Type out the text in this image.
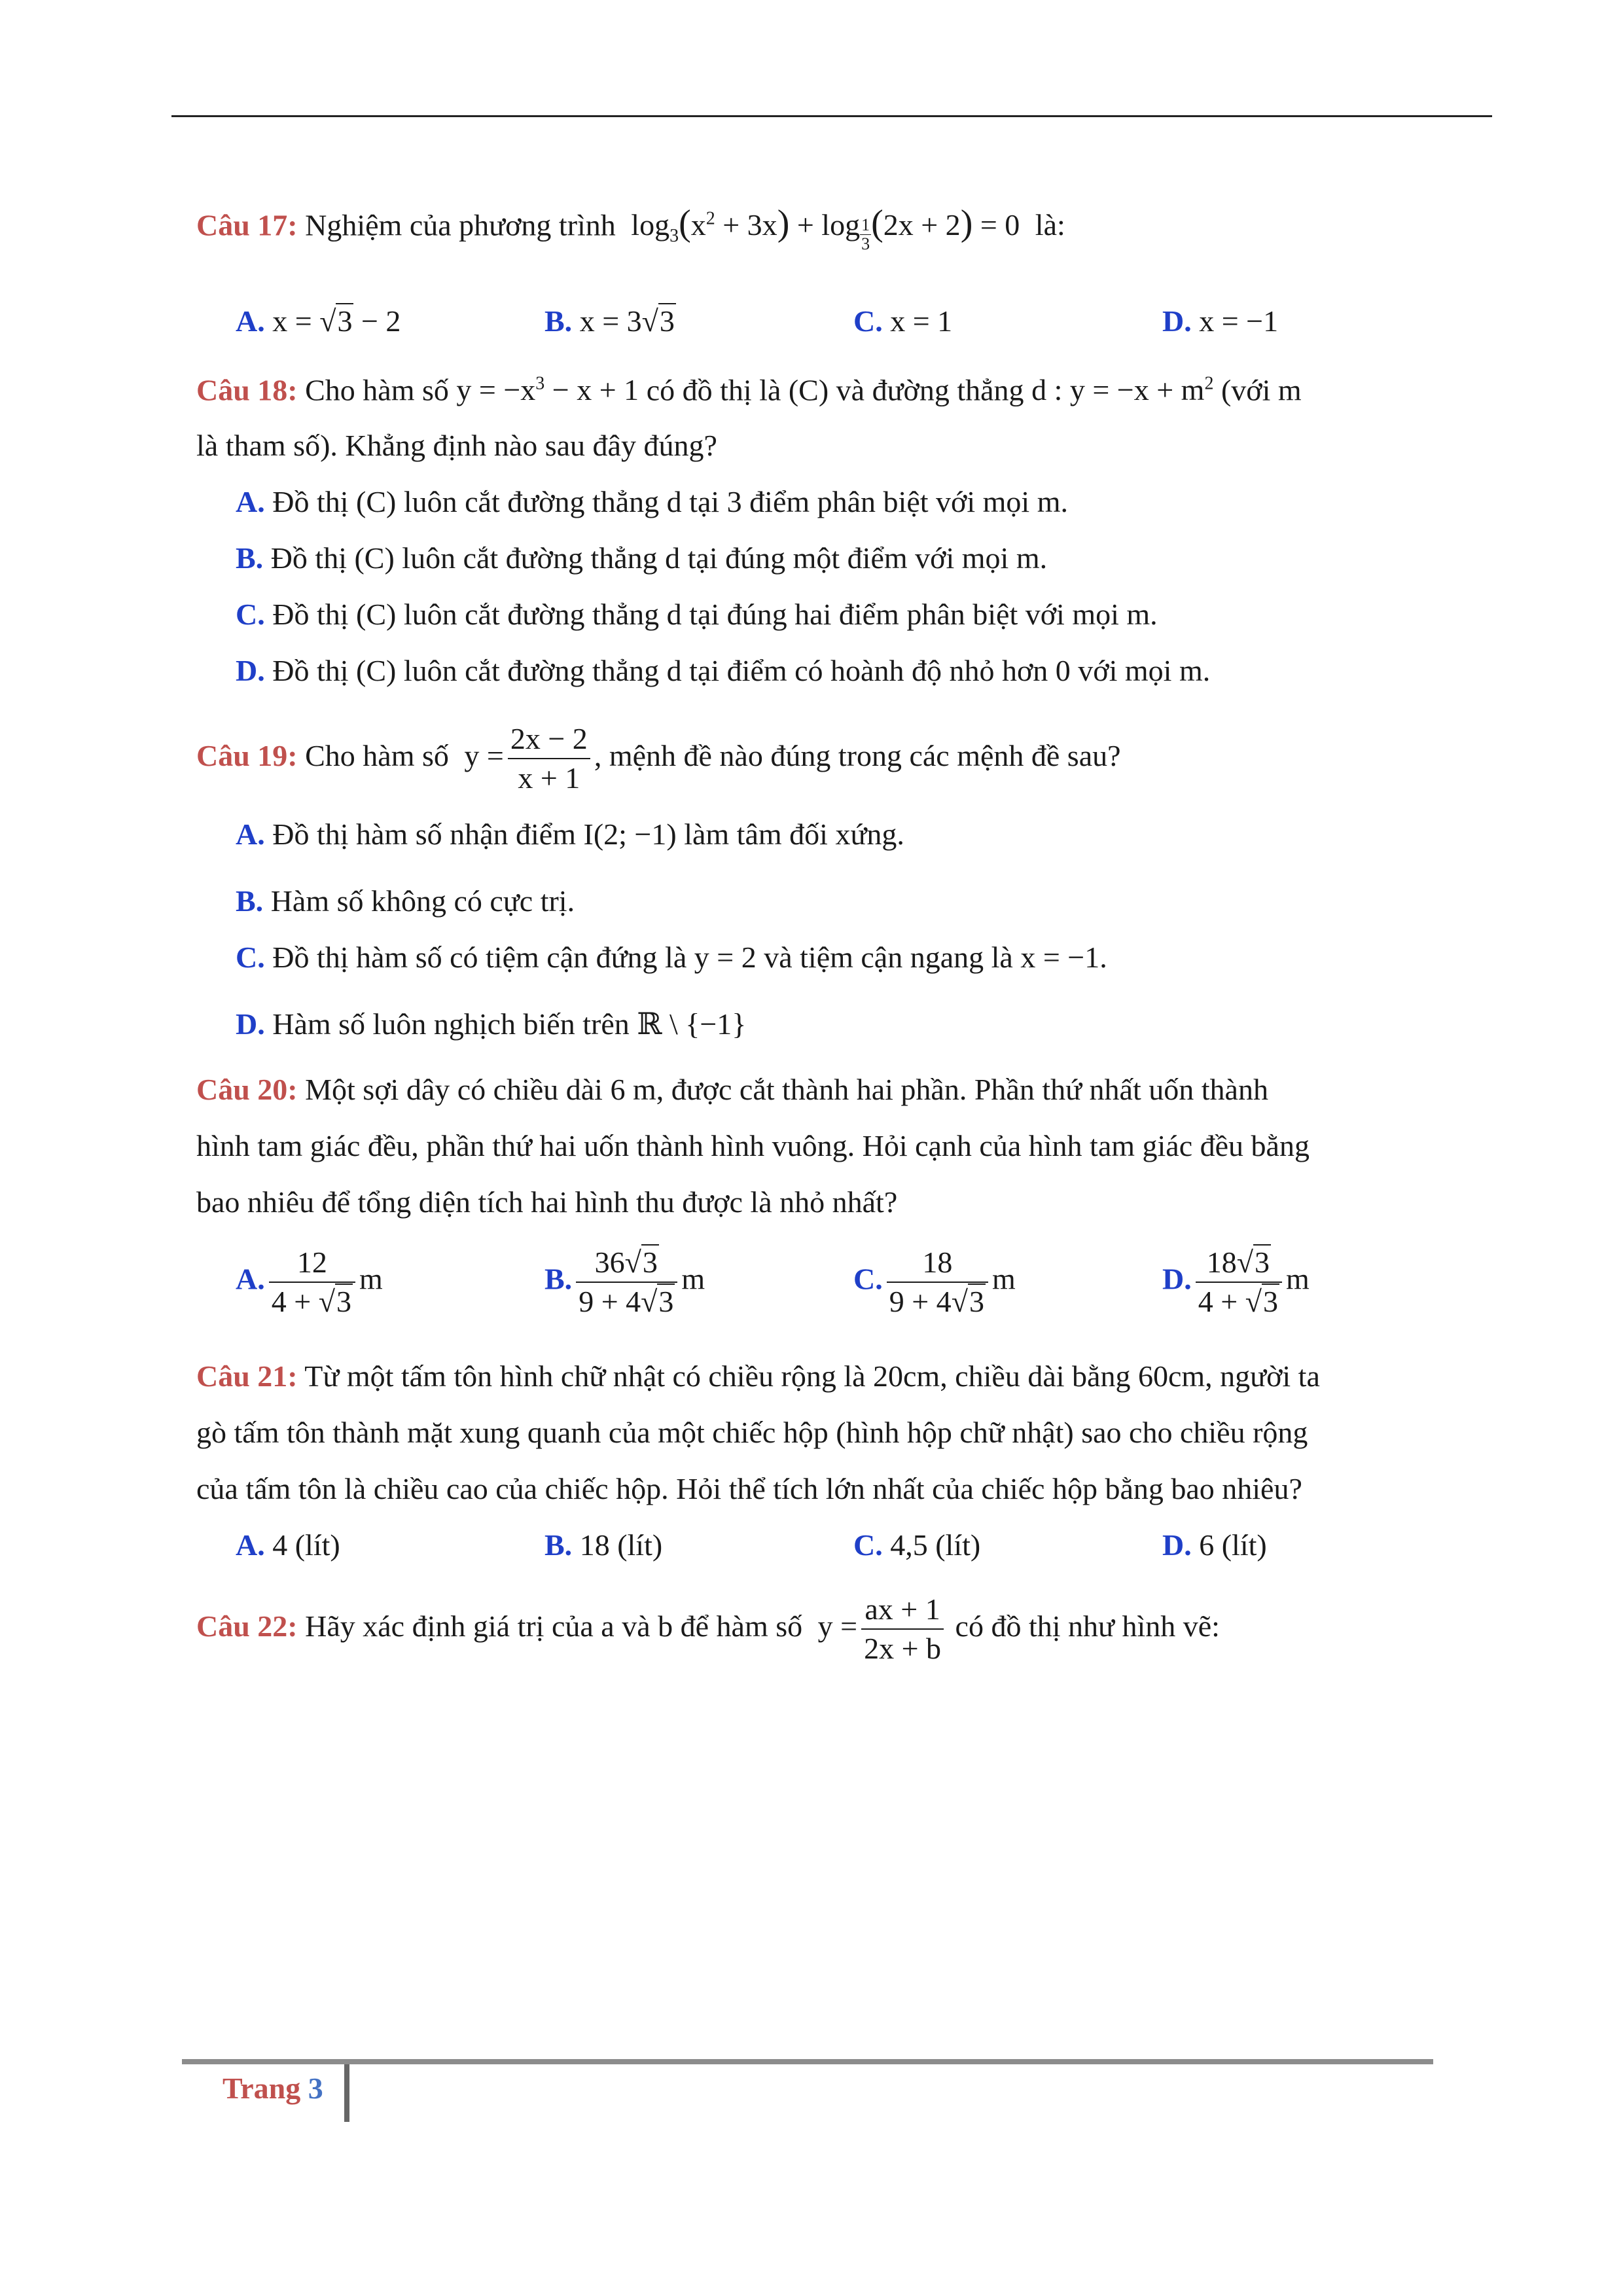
Câu 17: Nghiệm của phương trình $\log_3(x^2 + 3x) + \log \frac{1}{3} (2x + 2) = 0$ là:
A. x = √3 − 2	B. x = 3√3	C. x = 1	D. x = −1
Câu 18: Cho hàm số $y = -x^3 - x + 1$ có đồ thị là (C) và đường thẳng d : $y = -x + m^2$ (với m
là tham số). Khẳng định nào sau đây đúng?
A. Đồ thị (C) luôn cắt đường thẳng d tại 3 điểm phân biệt với mọi m.
B. Đồ thị (C) luôn cắt đường thẳng d tại đúng một điểm với mọi m.
C. Đồ thị (C) luôn cắt đường thẳng d tại đúng hai điểm phân biệt với mọi m.
D. Đồ thị (C) luôn cắt đường thẳng d tại điểm có hoành độ nhỏ hơn 0 với mọi m.
Câu 19: Cho hàm số $y = \frac{2x - 2}{x + 1}$ , mệnh đề nào đúng trong các mệnh đề sau?
A. Đồ thị hàm số nhận điểm I(2; −1) làm tâm đối xứng.
B. Hàm số không có cực trị.
C. Đồ thị hàm số có tiệm cận đứng là y = 2 và tiệm cận ngang là x = −1.
D. Hàm số luôn nghịch biến trên ℝ \ {−1}
Câu 20: Một sợi dây có chiều dài 6 m, được cắt thành hai phần. Phần thứ nhất uốn thành
hình tam giác đều, phần thứ hai uốn thành hình vuông. Hỏi cạnh của hình tam giác đều bằng
bao nhiêu để tổng diện tích hai hình thu được là nhỏ nhất?
A. $\frac{12}{4 + √3}$ m	B. $\frac{36√3}{9 + 4√3}$ m	C. $\frac{18}{9 + 4√3}$ m	D. $\frac{18√3}{4 + √3}$ m
Câu 21: Từ một tấm tôn hình chữ nhật có chiều rộng là 20cm, chiều dài bằng 60cm, người ta
gò tấm tôn thành mặt xung quanh của một chiếc hộp (hình hộp chữ nhật) sao cho chiều rộng
của tấm tôn là chiều cao của chiếc hộp. Hỏi thể tích lớn nhất của chiếc hộp bằng bao nhiêu?
A. 4 (lít)	B. 18 (lít)	C. 4,5 (lít)	D. 6 (lít)
Câu 22: Hãy xác định giá trị của a và b để hàm số $y = \frac{ax + 1}{2x + b}$ có đồ thị như hình vẽ:
Trang 3
